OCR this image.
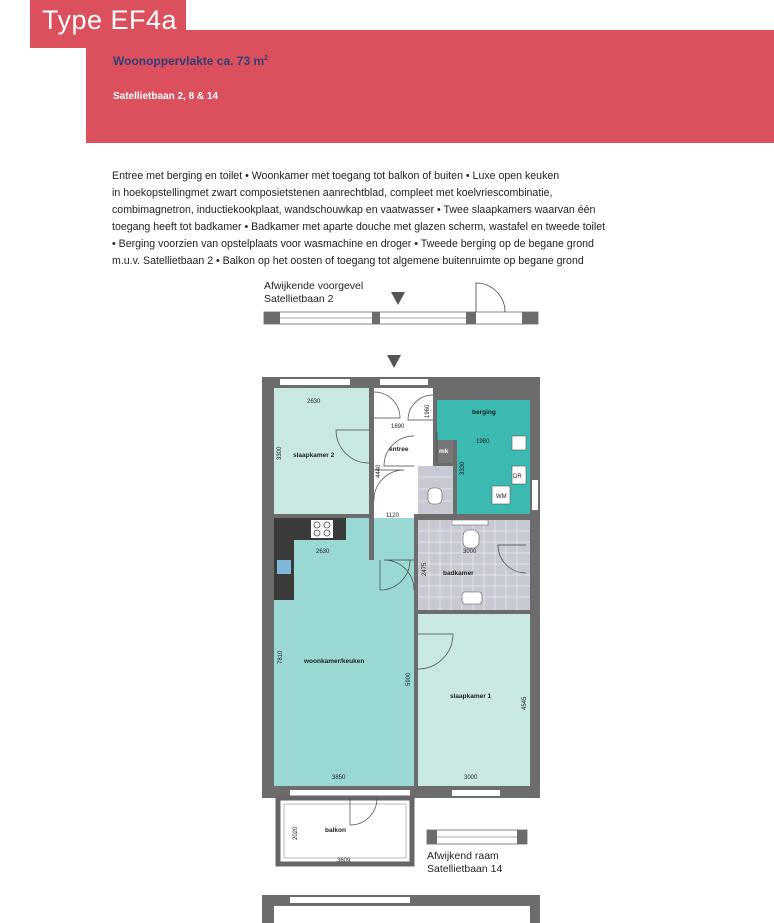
Type EF4a
Woonoppervlakte ca. 73 $m^2$
Satellietbaan 2, 8 & 14
Entree met berging en toilet • Woonkamer met toegang tot balkon of buiten • Luxe open keuken
in hoekopstellingmet zwart composietstenen aanrechtblad, compleet met koelvriescombinatie,
combimagnetron, inductiekookplaat, wandschouwkap en vaatwasser • Twee slaapkamers waarvan één
toegang heeft tot badkamer • Badkamer met aparte douche met glazen scherm, wastafel en tweede toilet
• Berging voorzien van opstelplaats voor wasmachine en droger • Tweede berging op de begane grond
m.u.v. Satellietbaan 2 • Balkon op het oosten of toegang tot algemene buitenruimte op begane grond
Afwijkende voorgevel
Satellietbaan 2
Afwijkend raam
Satellietbaan 14
WM
DR
slaapkamer 2
entree
berging
mk
badkamer
woonkamer/keuken
slaapkamer 1
balkon
2630
3300
1690
1960
4440
1980
3330
1120
3000
2475
2630
7810
5900
3850
4545
3000
2020
3609
